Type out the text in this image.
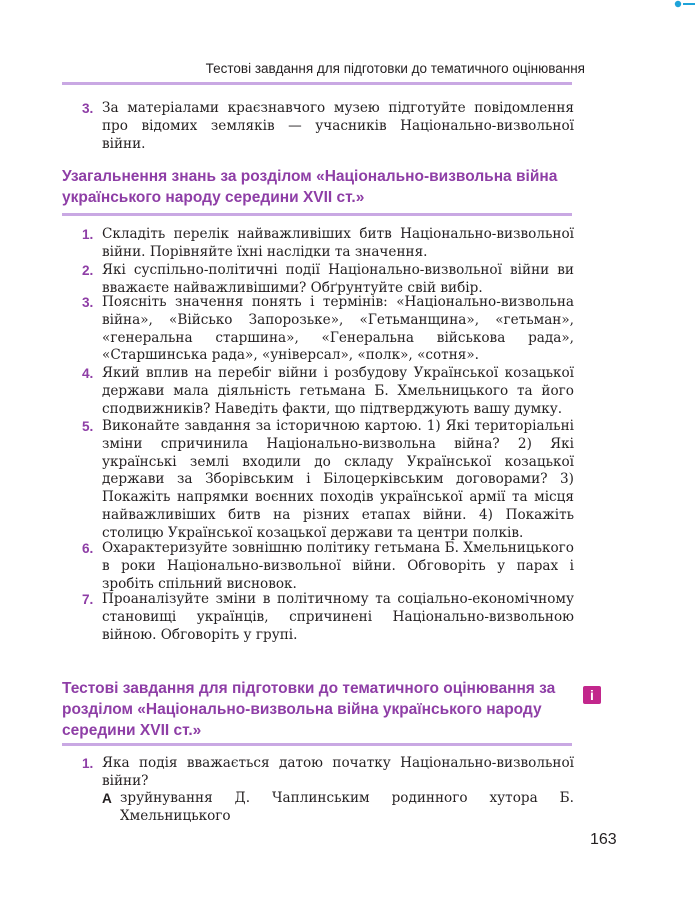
Тестові завдання для підготовки до тематичного оцінювання
3. За матеріалами краєзнавчого музею підготуйте повідомлення про відомих земляків — учасників Національно-визвольної війни.
Узагальнення знань за розділом «Національно-визвольна війна українського народу середини XVII ст.»
1. Складіть перелік найважливіших битв Національно-визвольної війни. Порівняйте їхні наслідки та значення.
2. Які суспільно-політичні події Національно-визвольної війни ви вважаєте найважливішими? Обґрунтуйте свій вибір.
3. Поясніть значення понять і термінів: «Національно-визвольна війна», «Військо Запорозьке», «Гетьманщина», «гетьман», «генеральна старшина», «Генеральна військова рада», «Старшинська рада», «універсал», «полк», «сотня».
4. Який вплив на перебіг війни і розбудову Української козацької держави мала діяльність гетьмана Б. Хмельницького та його сподвижників? Наведіть факти, що підтверджують вашу думку.
5. Виконайте завдання за історичною картою. 1) Які територіальні зміни спричинила Національно-визвольна війна? 2) Які українські землі входили до складу Української козацької держави за Зборівським і Білоцерківським договорами? 3) Покажіть напрямки воєнних походів української армії та місця найважливіших битв на різних етапах війни. 4) Покажіть столицю Української козацької держави та центри полків.
6. Охарактеризуйте зовнішню політику гетьмана Б. Хмельницького в роки Національно-визвольної війни. Обговоріть у парах і зробіть спільний висновок.
7. Проаналізуйте зміни в політичному та соціально-економічному становищі українців, спричинені Національно-визвольною війною. Обговоріть у групі.
Тестові завдання для підготовки до тематичного оцінювання за розділом «Національно-визвольна війна українського народу середини XVII ст.»
i
1. Яка подія вважається датою початку Національно-визвольної війни?
А зруйнування Д. Чаплинським родинного хутора Б. Хмельницького
163
